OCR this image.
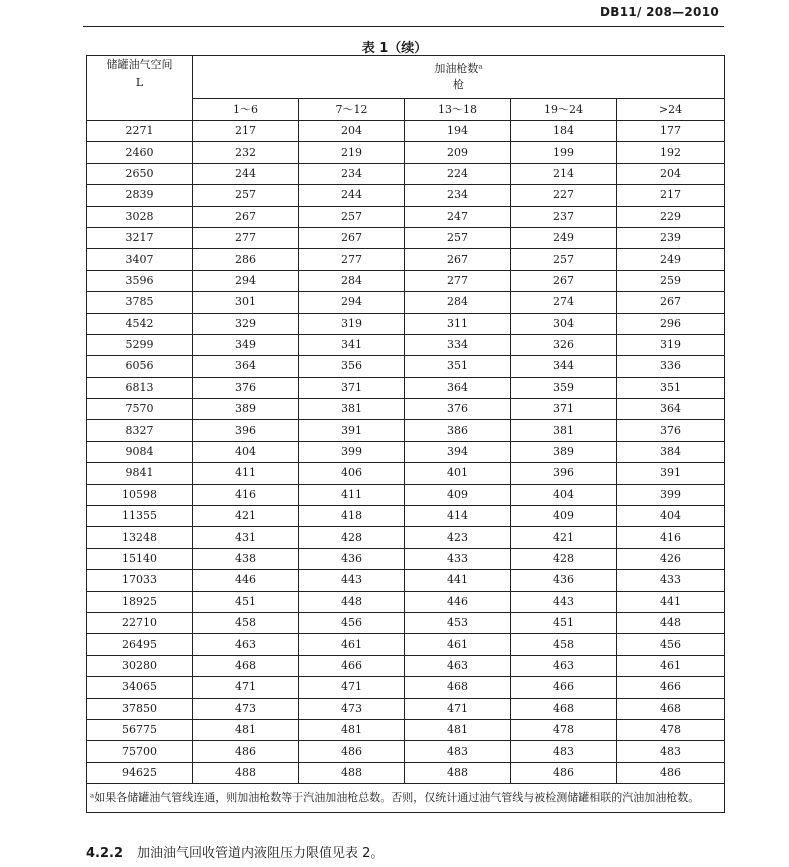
DB11/ 208—2010
表 1（续）
储罐油气空间
L	加油枪数ᵃ
枪				

	1～6	7～12	13～18	19～24	>24
2271	217	204	194	184	177
2460	232	219	209	199	192
2650	244	234	224	214	204
2839	257	244	234	227	217
3028	267	257	247	237	229
3217	277	267	257	249	239
3407	286	277	267	257	249
3596	294	284	277	267	259
3785	301	294	284	274	267
4542	329	319	311	304	296
5299	349	341	334	326	319
6056	364	356	351	344	336
6813	376	371	364	359	351
7570	389	381	376	371	364
8327	396	391	386	381	376
9084	404	399	394	389	384
9841	411	406	401	396	391
10598	416	411	409	404	399
11355	421	418	414	409	404
13248	431	428	423	421	416
15140	438	436	433	428	426
17033	446	443	441	436	433
18925	451	448	446	443	441
22710	458	456	453	451	448
26495	463	461	461	458	456
30280	468	466	463	463	461
34065	471	471	468	466	466
37850	473	473	471	468	468
56775	481	481	481	478	478
75700	486	486	483	483	483
94625	488	488	488	486	486
ᵃ如果各储罐油气管线连通，则加油枪数等于汽油加油枪总数。否则，仅统计通过油气管线与被检测储罐相联的汽油加油枪数。					
4.2.2 加油油气回收管道内液阻压力限值见表 2。
